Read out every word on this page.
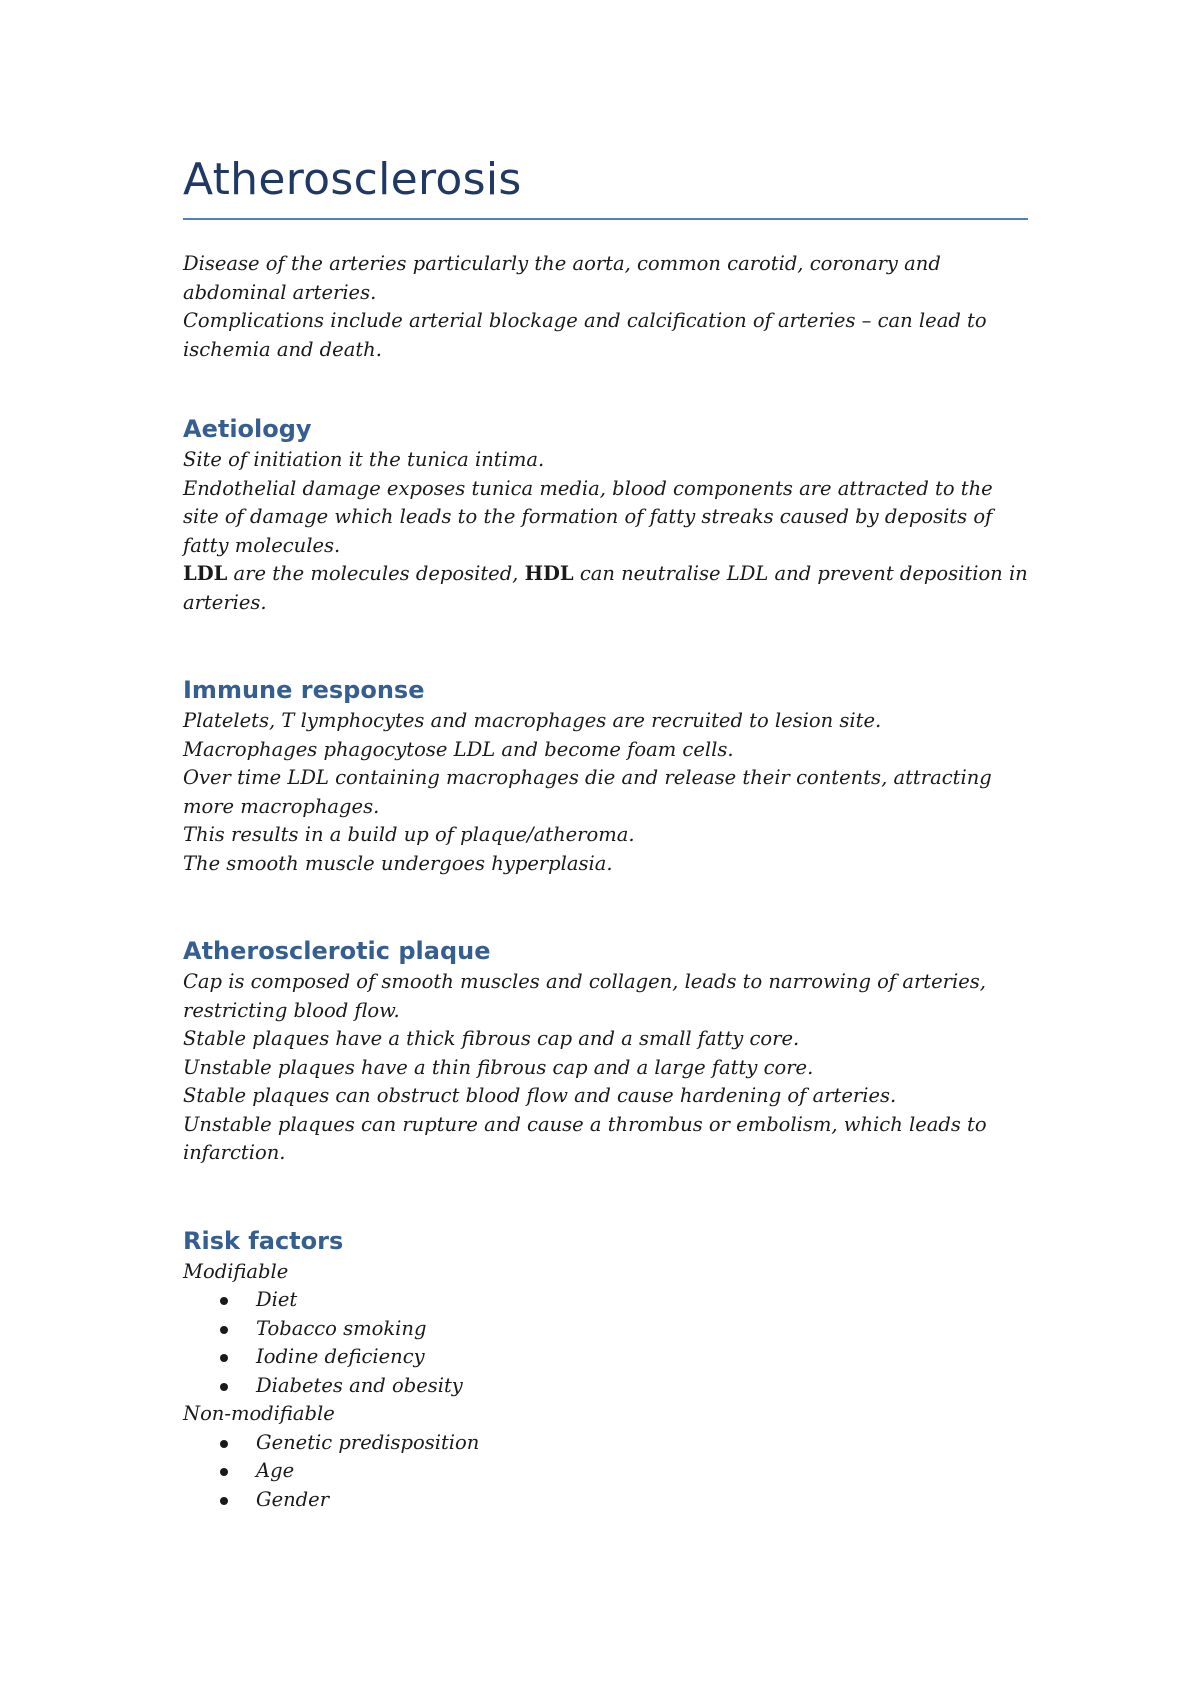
Atherosclerosis

Disease of the arteries particularly the aorta, common carotid, coronary and abdominal arteries.

Complications include arterial blockage and calcification of arteries – can lead to ischemia and death.

Aetiology

Site of initiation it the tunica intima.

Endothelial damage exposes tunica media, blood components are attracted to the site of damage which leads to the formation of fatty streaks caused by deposits of fatty molecules.

LDL are the molecules deposited, HDL can neutralise LDL and prevent deposition in arteries.

Immune response

Platelets, T lymphocytes and macrophages are recruited to lesion site.

Macrophages phagocytose LDL and become foam cells.

Over time LDL containing macrophages die and release their contents, attracting more macrophages.

This results in a build up of plaque/atheroma.

The smooth muscle undergoes hyperplasia.

Atherosclerotic plaque

Cap is composed of smooth muscles and collagen, leads to narrowing of arteries, restricting blood flow.

Stable plaques have a thick fibrous cap and a small fatty core.

Unstable plaques have a thin fibrous cap and a large fatty core.

Stable plaques can obstruct blood flow and cause hardening of arteries.

Unstable plaques can rupture and cause a thrombus or embolism, which leads to infarction.

Risk factors

Modifiable

Diet
Tobacco smoking
Iodine deficiency
Diabetes and obesity

Non-modifiable

Genetic predisposition
Age
Gender
